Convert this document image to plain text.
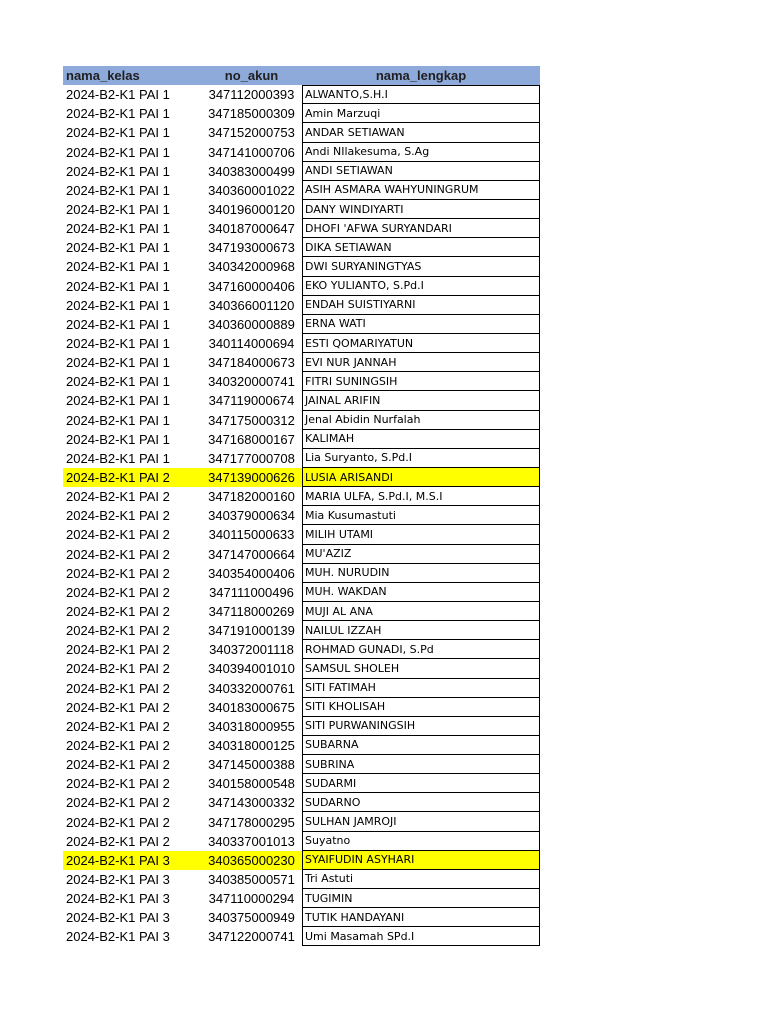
nama_kelas	no_akun	nama_lengkap
2024-B2-K1 PAI 1	347112000393 ALWANTO,S.H.I
2024-B2-K1 PAI 1	347185000309 Amin Marzuqi
2024-B2-K1 PAI 1	347152000753 ANDAR SETIAWAN
2024-B2-K1 PAI 1	347141000706 Andi NIlakesuma, S.Ag
2024-B2-K1 PAI 1	340383000499 ANDI SETIAWAN
2024-B2-K1 PAI 1	340360001022 ASIH ASMARA WAHYUNINGRUM
2024-B2-K1 PAI 1	340196000120 DANY WINDIYARTI
2024-B2-K1 PAI 1	340187000647 DHOFI 'AFWA SURYANDARI
2024-B2-K1 PAI 1	347193000673 DIKA SETIAWAN
2024-B2-K1 PAI 1	340342000968 DWI SURYANINGTYAS
2024-B2-K1 PAI 1	347160000406 EKO YULIANTO, S.Pd.I
2024-B2-K1 PAI 1	340366001120 ENDAH SUISTIYARNI
2024-B2-K1 PAI 1	340360000889 ERNA WATI
2024-B2-K1 PAI 1	340114000694 ESTI QOMARIYATUN
2024-B2-K1 PAI 1	347184000673 EVI NUR JANNAH
2024-B2-K1 PAI 1	340320000741 FITRI SUNINGSIH
2024-B2-K1 PAI 1	347119000674 JAINAL ARIFIN
2024-B2-K1 PAI 1	347175000312 Jenal Abidin Nurfalah
2024-B2-K1 PAI 1	347168000167 KALIMAH
2024-B2-K1 PAI 1	347177000708 Lia Suryanto, S.Pd.I
2024-B2-K1 PAI 2	347139000626 LUSIA ARISANDI
2024-B2-K1 PAI 2	347182000160 MARIA ULFA, S.Pd.I, M.S.I
2024-B2-K1 PAI 2	340379000634 Mia Kusumastuti
2024-B2-K1 PAI 2	340115000633 MILIH UTAMI
2024-B2-K1 PAI 2	347147000664 MU'AZIZ
2024-B2-K1 PAI 2	340354000406 MUH. NURUDIN
2024-B2-K1 PAI 2	347111000496	MUH. WAKDAN
2024-B2-K1 PAI 2	347118000269 MUJI AL ANA
2024-B2-K1 PAI 2	347191000139 NAILUL IZZAH
2024-B2-K1 PAI 2	340372001118	ROHMAD GUNADI, S.Pd
2024-B2-K1 PAI 2	340394001010 SAMSUL SHOLEH
2024-B2-K1 PAI 2	340332000761 SITI FATIMAH
2024-B2-K1 PAI 2	340183000675 SITI KHOLISAH
2024-B2-K1 PAI 2	340318000955 SITI PURWANINGSIH
2024-B2-K1 PAI 2	340318000125 SUBARNA
2024-B2-K1 PAI 2	347145000388 SUBRINA
2024-B2-K1 PAI 2	340158000548 SUDARMI
2024-B2-K1 PAI 2	347143000332 SUDARNO
2024-B2-K1 PAI 2	347178000295 SULHAN JAMROJI
2024-B2-K1 PAI 2	340337001013 Suyatno
2024-B2-K1 PAI 3	340365000230 SYAIFUDIN ASYHARI
2024-B2-K1 PAI 3	340385000571 Tri Astuti
2024-B2-K1 PAI 3	347110000294 TUGIMIN
2024-B2-K1 PAI 3	340375000949 TUTIK HANDAYANI
2024-B2-K1 PAI 3	347122000741 Umi Masamah SPd.I
